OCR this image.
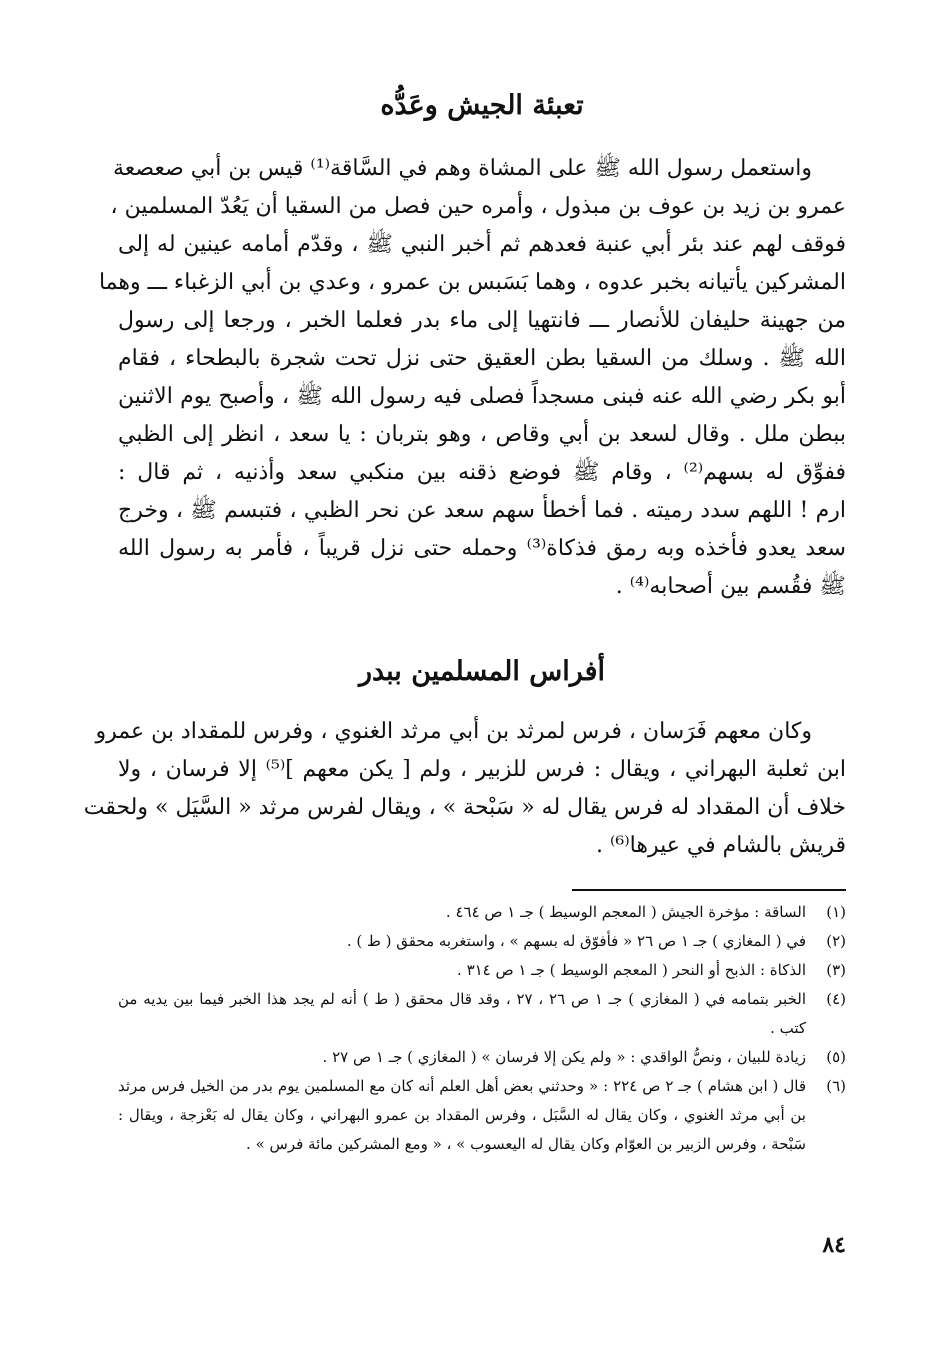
تعبئة الجيش وعَدُّه
واستعمل رسول الله ﷺ على المشاة وهم في السَّاقة⁽¹⁾ قيس بن أبي صعصعة
عمرو بن زيد بن عوف بن مبذول ، وأمره حين فصل من السقيا أن يَعُدّ المسلمين ،
فوقف لهم عند بئر أبي عنبة فعدهم ثم أخبر النبي ﷺ ، وقدّم أمامه عينين له إلى
المشركين يأتيانه بخبر عدوه ، وهما بَسَبس بن عمرو ، وعدي بن أبي الزغباء ـــ وهما
من جهينة حليفان للأنصار ـــ فانتهيا إلى ماء بدر فعلما الخبر ، ورجعا إلى رسول
الله ﷺ . وسلك من السقيا بطن العقيق حتى نزل تحت شجرة بالبطحاء ، فقام
أبو بكر رضي الله عنه فبنى مسجداً فصلى فيه رسول الله ﷺ ، وأصبح يوم الاثنين
ببطن ملل . وقال لسعد بن أبي وقاص ، وهو بتربان : يا سعد ، انظر إلى الظبي
ففوِّق له بسهم⁽²⁾ ، وقام ﷺ فوضع ذقنه بين منكبي سعد وأذنيه ، ثم قال :
ارم ! اللهم سدد رميته . فما أخطأ سهم سعد عن نحر الظبي ، فتبسم ﷺ ، وخرج
سعد يعدو فأخذه وبه رمق فذكاة⁽³⁾ وحمله حتى نزل قريباً ، فأمر به رسول الله
ﷺ فقُسم بين أصحابه⁽⁴⁾ .
أفراس المسلمين ببدر
وكان معهم فَرَسان ، فرس لمرثد بن أبي مرثد الغنوي ، وفرس للمقداد بن عمرو
ابن ثعلبة البهراني ، ويقال : فرس للزبير ، ولم [ يكن معهم ]⁽⁵⁾ إلا فرسان ، ولا
خلاف أن المقداد له فرس يقال له « سَبْحة » ، ويقال لفرس مرثد « السَّيَل » ولحقت
قريش بالشام في عيرها⁽⁶⁾ .
(١)
الساقة : مؤخرة الجيش ( المعجم الوسيط ) جـ ١ ص ٤٦٤ .
(٢)
في ( المغازي ) جـ ١ ص ٢٦ « فأفوّق له بسهم » ، واستغربه محقق ( ط ) .
(٣)
الذكاة : الذبح أو النحر ( المعجم الوسيط ) جـ ١ ص ٣١٤ .
(٤)
الخبر بتمامه في ( المغازي ) جـ ١ ص ٢٦ ، ٢٧ ، وقد قال محقق ( ط ) أنه لم يجد هذا الخبر فيما بين يديه من كتب .
(٥)
زيادة للبيان ، ونصُّ الواقدي : « ولم يكن إلا فرسان » ( المغازي ) جـ ١ ص ٢٧ .
(٦)
قال ( ابن هشام ) جـ ٢ ص ٢٢٤ : « وحدثني بعض أهل العلم أنه كان مع المسلمين يوم بدر من الخيل فرس مرثد بن أبي مرثد الغنوي ، وكان يقال له السَّبَل ، وفرس المقداد بن عمرو البهراني ، وكان يقال له بَعْزجة ، ويقال : سَبْحة ، وفرس الزبير بن العوّام وكان يقال له اليعسوب » ، « ومع المشركين مائة فرس » .
٨٤
